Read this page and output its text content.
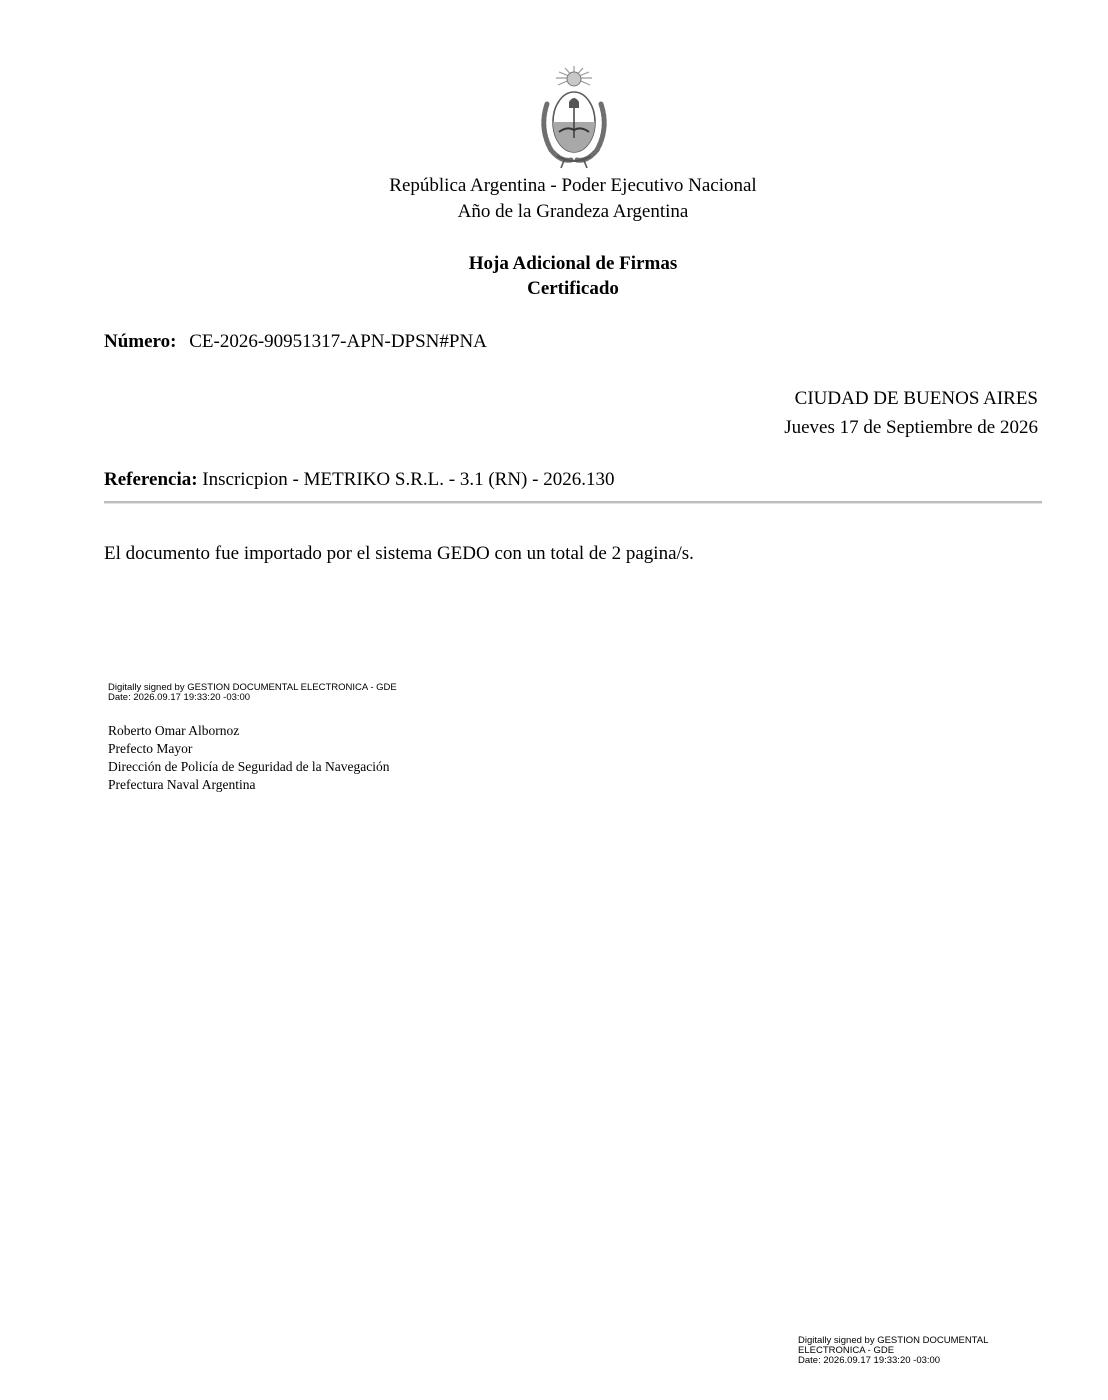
República Argentina - Poder Ejecutivo Nacional
Año de la Grandeza Argentina
Hoja Adicional de Firmas
Certificado
Número: CE-2026-90951317-APN-DPSN#PNA
CIUDAD DE BUENOS AIRES
Jueves 17 de Septiembre de 2026
Referencia: Inscricpion - METRIKO S.R.L. - 3.1 (RN) - 2026.130
El documento fue importado por el sistema GEDO con un total de 2 pagina/s.
Digitally signed by GESTION DOCUMENTAL ELECTRONICA - GDE
Date: 2026.09.17 19:33:20 -03:00
Roberto Omar Albornoz
Prefecto Mayor
Dirección de Policía de Seguridad de la Navegación
Prefectura Naval Argentina
Digitally signed by GESTION DOCUMENTAL
ELECTRONICA - GDE
Date: 2026.09.17 19:33:20 -03:00
